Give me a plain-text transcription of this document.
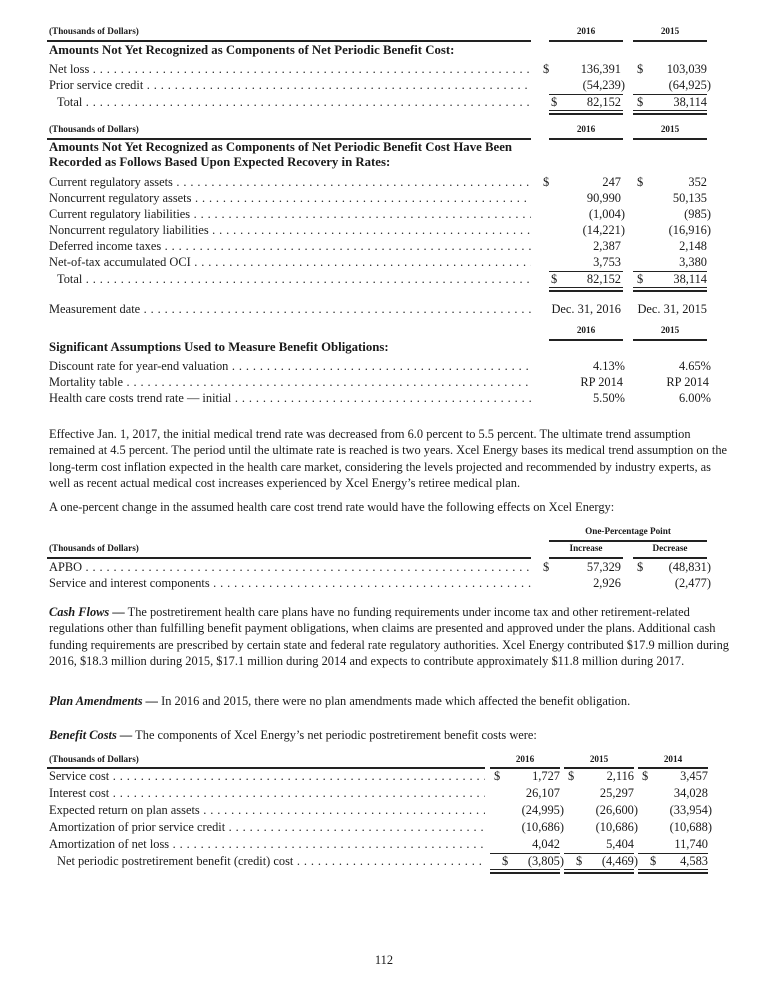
(Thousands of Dollars)	2016	2015
Amounts Not Yet Recognized as Components of Net Periodic Benefit Cost:
Net loss . . .	$	136,391 $	103,039
Prior service credit . . .	(54,239)	(64,925)
Total . . .	$	82,152 $	38,114
(Thousands of Dollars)	2016	2015
Amounts Not Yet Recognized as Components of Net Periodic Benefit Cost Have Been
Recorded as Follows Based Upon Expected Recovery in Rates:
Current regulatory assets . . .	$	247 $	352
Noncurrent regulatory assets . . .	90,990	50,135
Current regulatory liabilities . . .	(1,004)	(985)
Noncurrent regulatory liabilities . . .	(14,221)	(16,916)
Deferred income taxes . . .	2,387	2,148
Net-of-tax accumulated OCI . . .	3,753	3,380
Total . . .	$	82,152 $	38,114
Measurement date . . .	Dec. 31, 2016	Dec. 31, 2015
2016	2015
Significant Assumptions Used to Measure Benefit Obligations:
Discount rate for year-end valuation . . .	4.13%	4.65%
Mortality table . . .	RP 2014	RP 2014
Health care costs trend rate — initial . . .	5.50%	6.00%
Effective Jan. 1, 2017, the initial medical trend rate was decreased from 6.0 percent to 5.5 percent. The ultimate trend assumption remained at 4.5 percent. The period until the ultimate rate is reached is two years. Xcel Energy bases its medical trend assumption on the long-term cost inflation expected in the health care market, considering the levels projected and recommended by industry experts, as well as recent actual medical cost increases experienced by Xcel Energy’s retiree medical plan.
A one-percent change in the assumed health care cost trend rate would have the following effects on Xcel Energy:
One-Percentage Point
(Thousands of Dollars)	Increase	Decrease
APBO . . .	$	57,329 $	(48,831)
Service and interest components . . .	2,926	(2,477)
Cash Flows — The postretirement health care plans have no funding requirements under income tax and other retirement-related regulations other than fulfilling benefit payment obligations, when claims are presented and approved under the plans. Additional cash funding requirements are prescribed by certain state and federal rate regulatory authorities. Xcel Energy contributed $17.9 million during 2016, $18.3 million during 2015, $17.1 million during 2014 and expects to contribute approximately $11.8 million during 2017.
Plan Amendments — In 2016 and 2015, there were no plan amendments made which affected the benefit obligation.
Benefit Costs — The components of Xcel Energy’s net periodic postretirement benefit costs were:
(Thousands of Dollars)	2016	2015	2014
Service cost . . .	$	1,727 $	2,116 $	3,457
Interest cost . . .	26,107	25,297	34,028
Expected return on plan assets . . .	(24,995)	(26,600)	(33,954)
Amortization of prior service credit . . .	(10,686)	(10,686)	(10,688)
Amortization of net loss . . .	4,042	5,404	11,740
Net periodic postretirement benefit (credit) cost . . .	$	(3,805) $	(4,469) $	4,583
112
